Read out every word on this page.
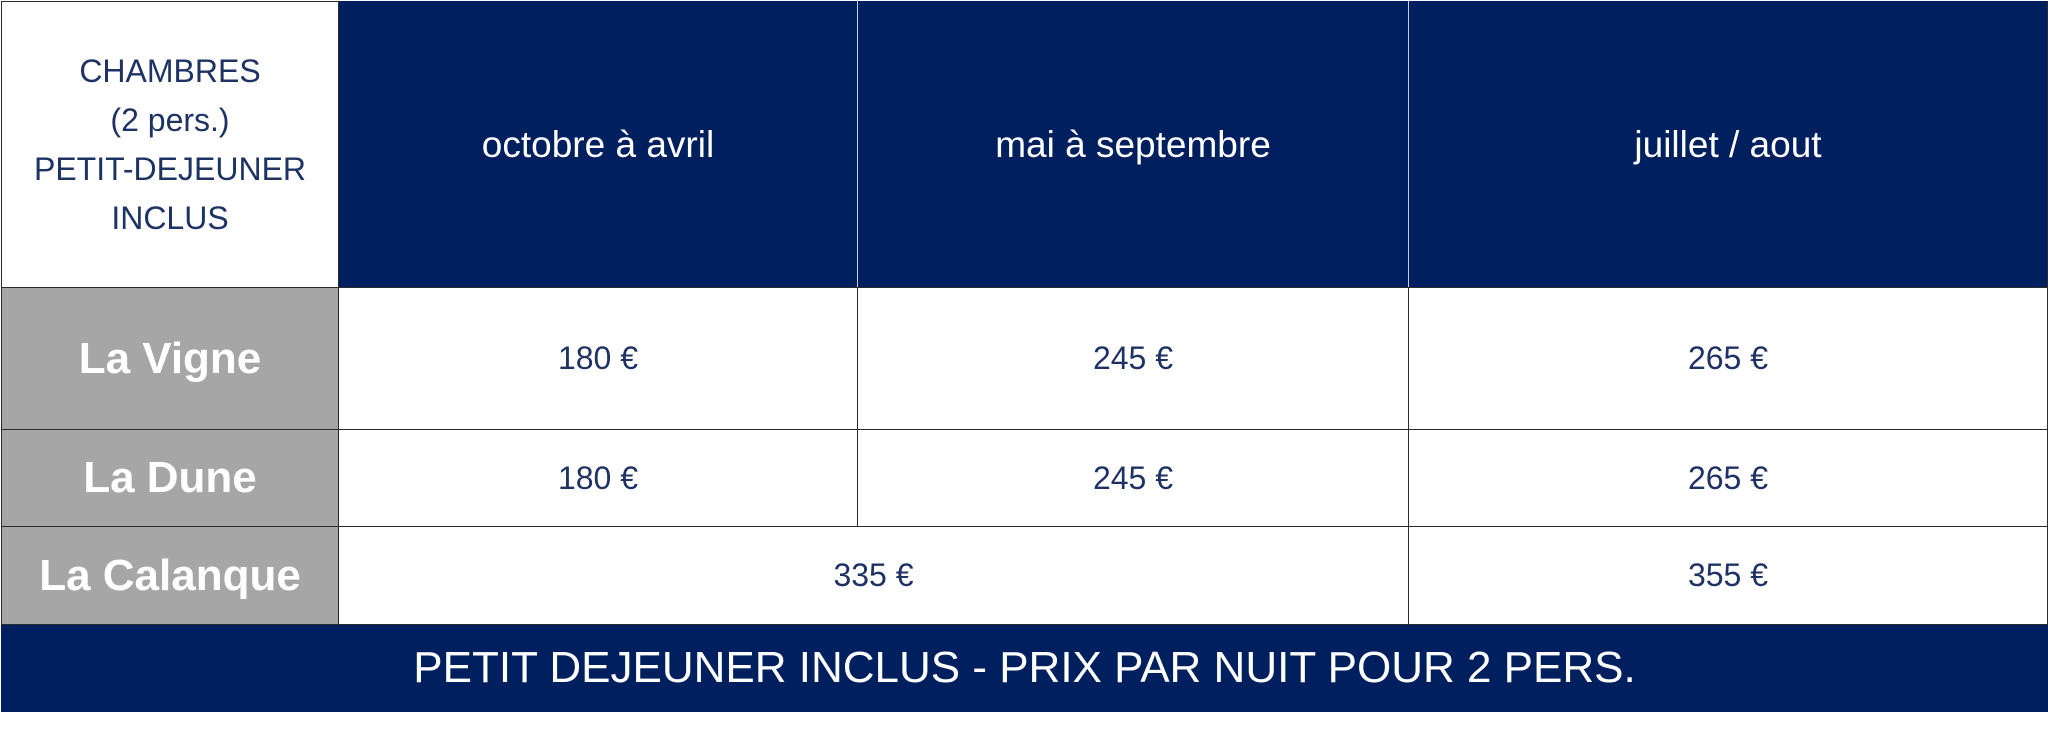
CHAMBRES
(2 pers.)
PETIT-DEJEUNER
INCLUS	octobre à avril	mai à septembre	juillet / aout
La Vigne	180 €	245 €	265 €
La Dune	180 €	245 €	265 €
La Calanque	335 €		355 €
PETIT DEJEUNER INCLUS - PRIX PAR NUIT POUR 2 PERS.			
